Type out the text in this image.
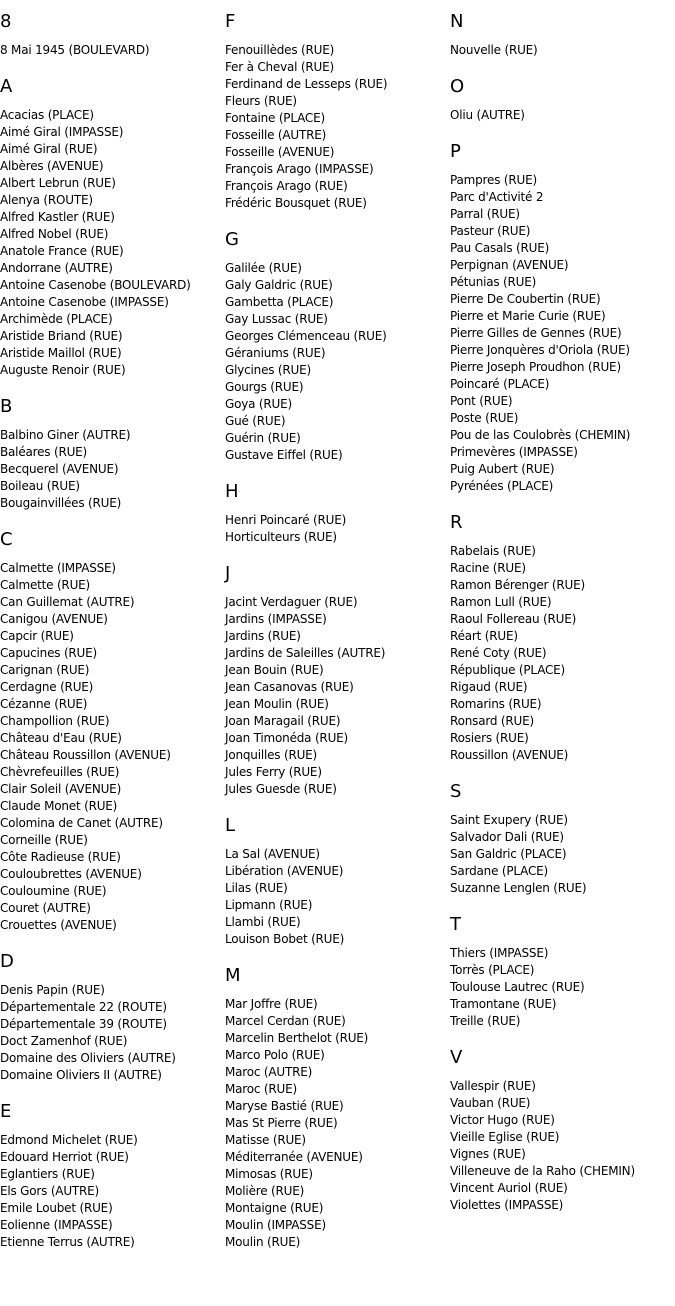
8
8 Mai 1945 (BOULEVARD)
A
Acacias (PLACE)
Aimé Giral (IMPASSE)
Aimé Giral (RUE)
Albères (AVENUE)
Albert Lebrun (RUE)
Alenya (ROUTE)
Alfred Kastler (RUE)
Alfred Nobel (RUE)
Anatole France (RUE)
Andorrane (AUTRE)
Antoine Casenobe (BOULEVARD)
Antoine Casenobe (IMPASSE)
Archimède (PLACE)
Aristide Briand (RUE)
Aristide Maillol (RUE)
Auguste Renoir (RUE)
B
Balbino Giner (AUTRE)
Baléares (RUE)
Becquerel (AVENUE)
Boileau (RUE)
Bougainvillées (RUE)
C
Calmette (IMPASSE)
Calmette (RUE)
Can Guillemat (AUTRE)
Canigou (AVENUE)
Capcir (RUE)
Capucines (RUE)
Carignan (RUE)
Cerdagne (RUE)
Cézanne (RUE)
Champollion (RUE)
Château d'Eau (RUE)
Château Roussillon (AVENUE)
Chèvrefeuilles (RUE)
Clair Soleil (AVENUE)
Claude Monet (RUE)
Colomina de Canet (AUTRE)
Corneille (RUE)
Côte Radieuse (RUE)
Couloubrettes (AVENUE)
Couloumine (RUE)
Couret (AUTRE)
Crouettes (AVENUE)
D
Denis Papin (RUE)
Départementale 22 (ROUTE)
Départementale 39 (ROUTE)
Doct Zamenhof (RUE)
Domaine des Oliviers (AUTRE)
Domaine Oliviers II (AUTRE)
E
Edmond Michelet (RUE)
Edouard Herriot (RUE)
Eglantiers (RUE)
Els Gors (AUTRE)
Emile Loubet (RUE)
Eolienne (IMPASSE)
Etienne Terrus (AUTRE)
F
Fenouillèdes (RUE)
Fer à Cheval (RUE)
Ferdinand de Lesseps (RUE)
Fleurs (RUE)
Fontaine (PLACE)
Fosseille (AUTRE)
Fosseille (AVENUE)
François Arago (IMPASSE)
François Arago (RUE)
Frédéric Bousquet (RUE)
G
Galilée (RUE)
Galy Galdric (RUE)
Gambetta (PLACE)
Gay Lussac (RUE)
Georges Clémenceau (RUE)
Géraniums (RUE)
Glycines (RUE)
Gourgs (RUE)
Goya (RUE)
Gué (RUE)
Guérin (RUE)
Gustave Eiffel (RUE)
H
Henri Poincaré (RUE)
Horticulteurs (RUE)
J
Jacint Verdaguer (RUE)
Jardins (IMPASSE)
Jardins (RUE)
Jardins de Saleilles (AUTRE)
Jean Bouin (RUE)
Jean Casanovas (RUE)
Jean Moulin (RUE)
Joan Maragail (RUE)
Joan Timonéda (RUE)
Jonquilles (RUE)
Jules Ferry (RUE)
Jules Guesde (RUE)
L
La Sal (AVENUE)
Libération (AVENUE)
Lilas (RUE)
Lipmann (RUE)
Llambi (RUE)
Louison Bobet (RUE)
M
Mar Joffre (RUE)
Marcel Cerdan (RUE)
Marcelin Berthelot (RUE)
Marco Polo (RUE)
Maroc (AUTRE)
Maroc (RUE)
Maryse Bastié (RUE)
Mas St Pierre (RUE)
Matisse (RUE)
Méditerranée (AVENUE)
Mimosas (RUE)
Molière (RUE)
Montaigne (RUE)
Moulin (IMPASSE)
Moulin (RUE)
N
Nouvelle (RUE)
O
Oliu (AUTRE)
P
Pampres (RUE)
Parc d'Activité 2
Parral (RUE)
Pasteur (RUE)
Pau Casals (RUE)
Perpignan (AVENUE)
Pétunias (RUE)
Pierre De Coubertin (RUE)
Pierre et Marie Curie (RUE)
Pierre Gilles de Gennes (RUE)
Pierre Jonquères d'Oriola (RUE)
Pierre Joseph Proudhon (RUE)
Poincaré (PLACE)
Pont (RUE)
Poste (RUE)
Pou de las Coulobrès (CHEMIN)
Primevères (IMPASSE)
Puig Aubert (RUE)
Pyrénées (PLACE)
R
Rabelais (RUE)
Racine (RUE)
Ramon Bérenger (RUE)
Ramon Lull (RUE)
Raoul Follereau (RUE)
Réart (RUE)
René Coty (RUE)
République (PLACE)
Rigaud (RUE)
Romarins (RUE)
Ronsard (RUE)
Rosiers (RUE)
Roussillon (AVENUE)
S
Saint Exupery (RUE)
Salvador Dali (RUE)
San Galdric (PLACE)
Sardane (PLACE)
Suzanne Lenglen (RUE)
T
Thiers (IMPASSE)
Torrès (PLACE)
Toulouse Lautrec (RUE)
Tramontane (RUE)
Treille (RUE)
V
Vallespir (RUE)
Vauban (RUE)
Victor Hugo (RUE)
Vieille Eglise (RUE)
Vignes (RUE)
Villeneuve de la Raho (CHEMIN)
Vincent Auriol (RUE)
Violettes (IMPASSE)
